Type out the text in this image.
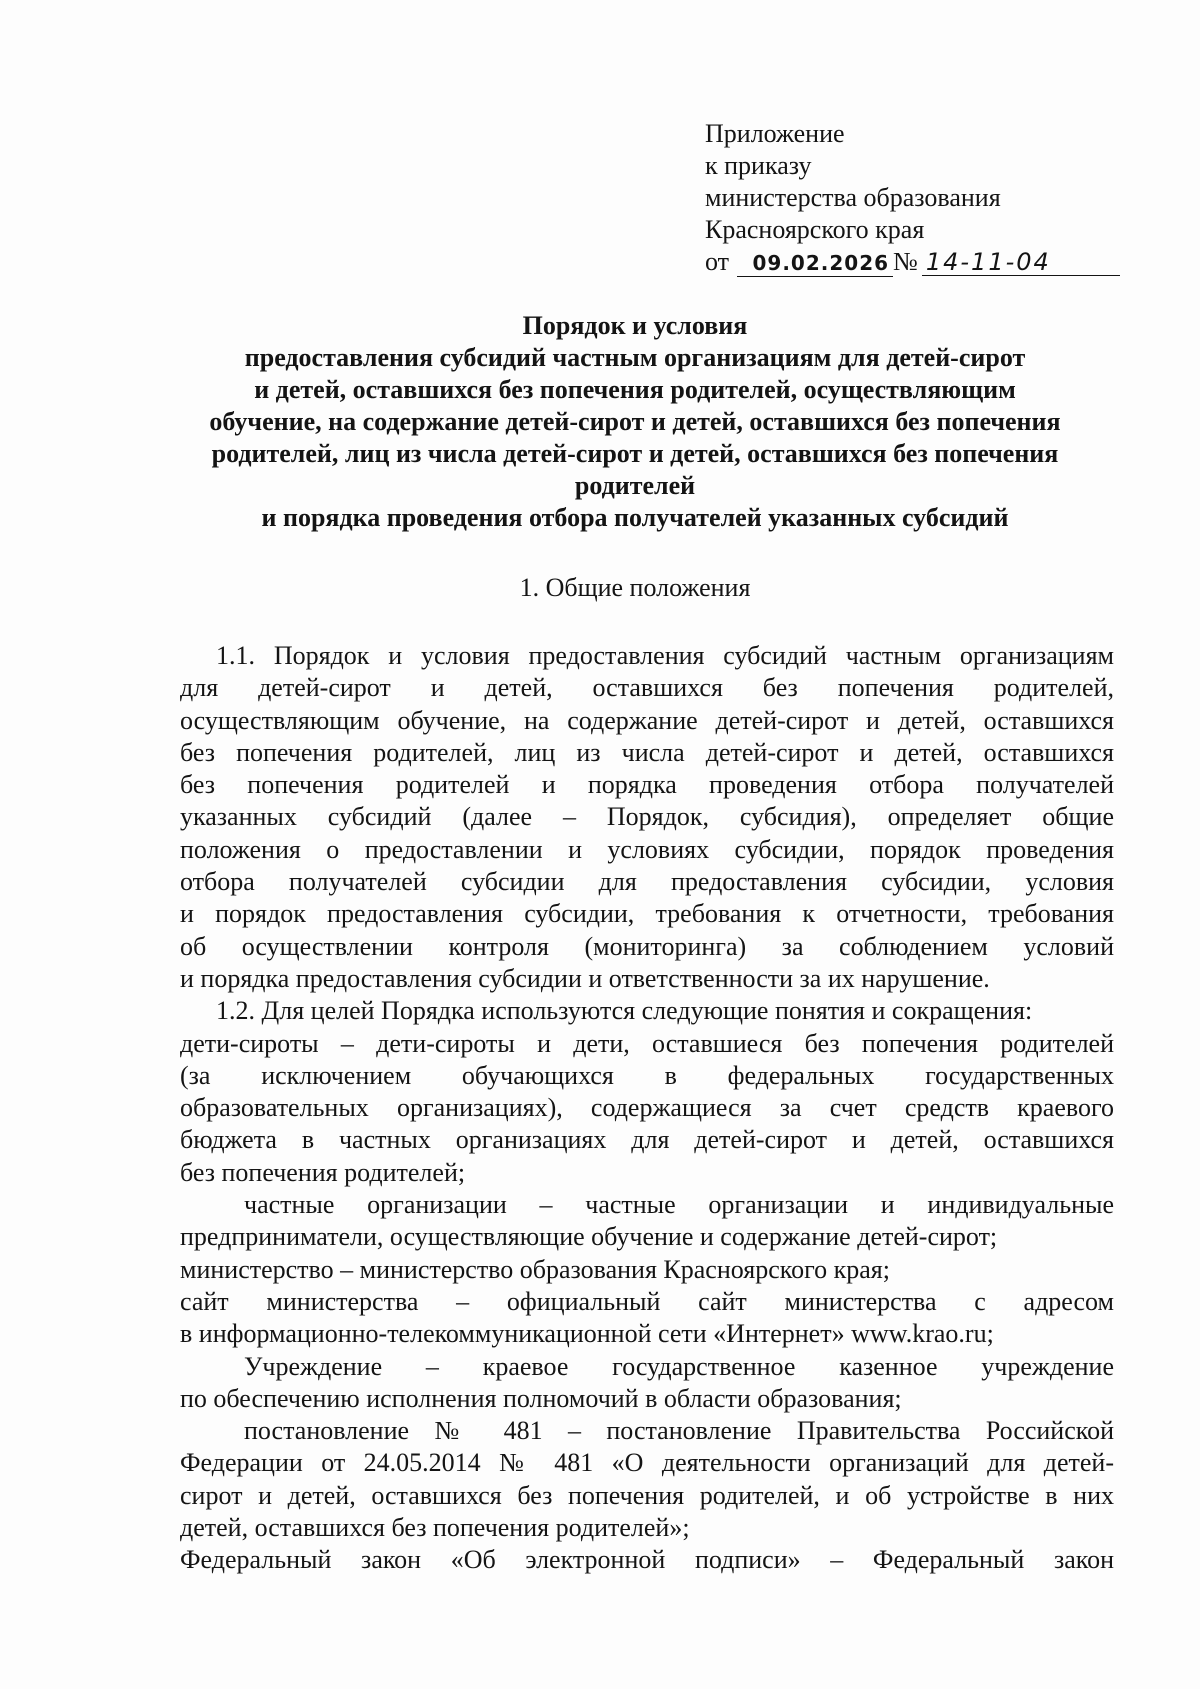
Приложение
к приказу
министерства образования
Красноярского края
от	09.02.2026 № 14-11-04
Порядок и условия
предоставления субсидий частным организациям для детей-сирот
и детей, оставшихся без попечения родителей, осуществляющим
обучение, на содержание детей-сирот и детей, оставшихся без попечения
родителей, лиц из числа детей-сирот и детей, оставшихся без попечения
родителей
и порядка проведения отбора получателей указанных субсидий
1. Общие положения

1.1. Порядок и условия предоставления субсидий частным организациям

для детей-сирот и детей, оставшихся без попечения родителей,

осуществляющим обучение, на содержание детей-сирот и детей, оставшихся

без попечения родителей, лиц из числа детей-сирот и детей, оставшихся

без попечения родителей и порядка проведения отбора получателей

указанных субсидий (далее – Порядок, субсидия), определяет общие

положения о предоставлении и условиях субсидии, порядок проведения

отбора получателей субсидии для предоставления субсидии, условия

и порядок предоставления субсидии, требования к отчетности, требования

об осуществлении контроля (мониторинга) за соблюдением условий

и порядка предоставления субсидии и ответственности за их нарушение.

1.2. Для целей Порядка используются следующие понятия и сокращения:

дети-сироты – дети-сироты и дети, оставшиеся без попечения родителей

(за исключением обучающихся в федеральных государственных

образовательных организациях), содержащиеся за счет средств краевого

бюджета в частных организациях для детей-сирот и детей, оставшихся

без попечения родителей;

частные организации – частные организации и индивидуальные

предприниматели, осуществляющие обучение и содержание детей-сирот;

министерство – министерство образования Красноярского края;

сайт министерства – официальный сайт министерства с адресом

в информационно-телекоммуникационной сети «Интернет» www.krao.ru;

Учреждение – краевое государственное казенное учреждение

по обеспечению исполнения полномочий в области образования;

постановление № 481 – постановление Правительства Российской

Федерации от 24.05.2014 № 481 «О деятельности организаций для детей-

сирот и детей, оставшихся без попечения родителей, и об устройстве в них

детей, оставшихся без попечения родителей»;

Федеральный закон «Об электронной подписи» – Федеральный закон
